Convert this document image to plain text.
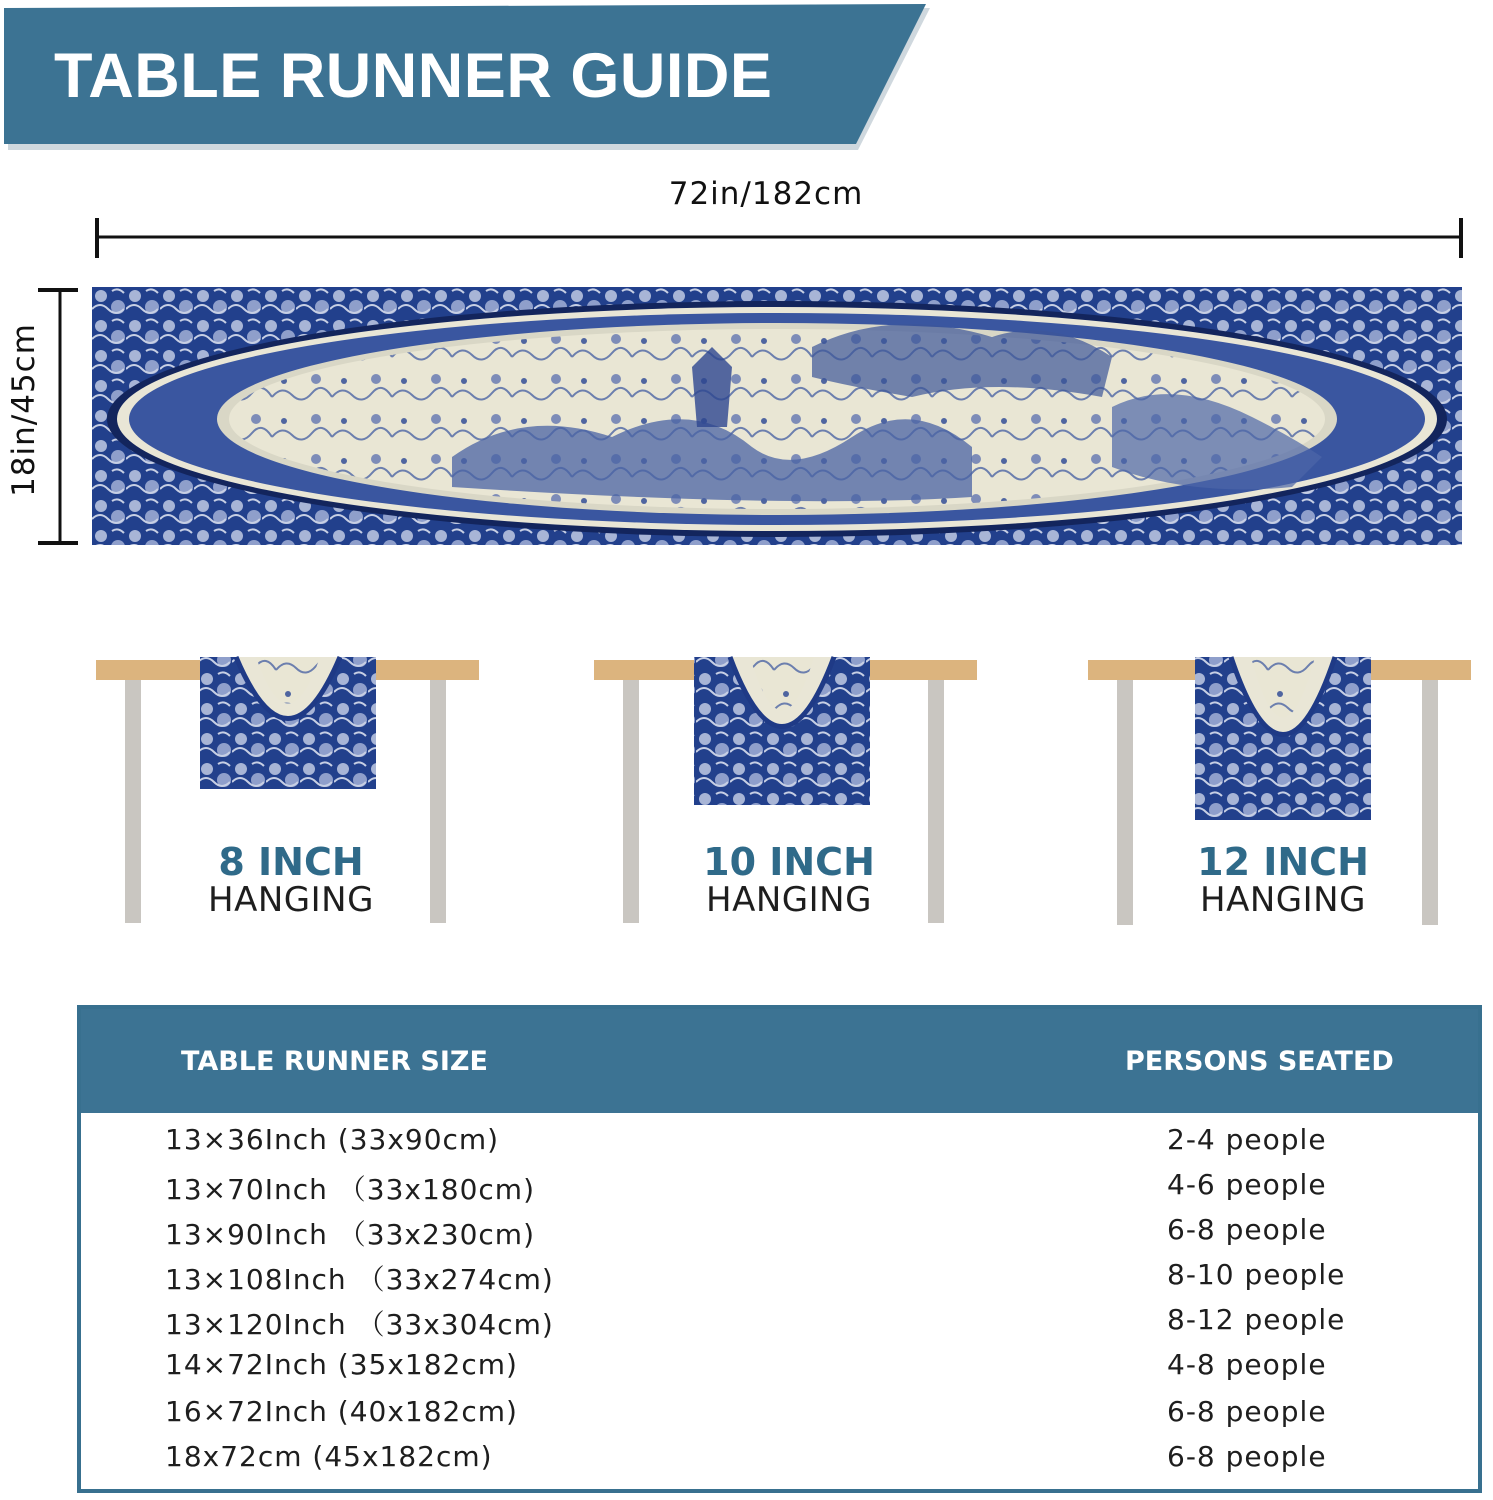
TABLE RUNNER GUIDE
72in/182cm
18in/45cm
8 INCH
HANGING
10 INCH
HANGING
12 INCH
HANGING
TABLE RUNNER SIZE	PERSONS SEATED
13×36Inch (33x90cm)	2-4 people
13×70Inch （33x180cm)	4-6 people
13×90Inch （33x230cm)	6-8 people
13×108Inch （33x274cm)	8-10 people
13×120Inch （33x304cm)	8-12 people
14×72Inch (35x182cm)	4-8 people
16×72Inch (40x182cm)	6-8 people
18x72cm (45x182cm)	6-8 people
